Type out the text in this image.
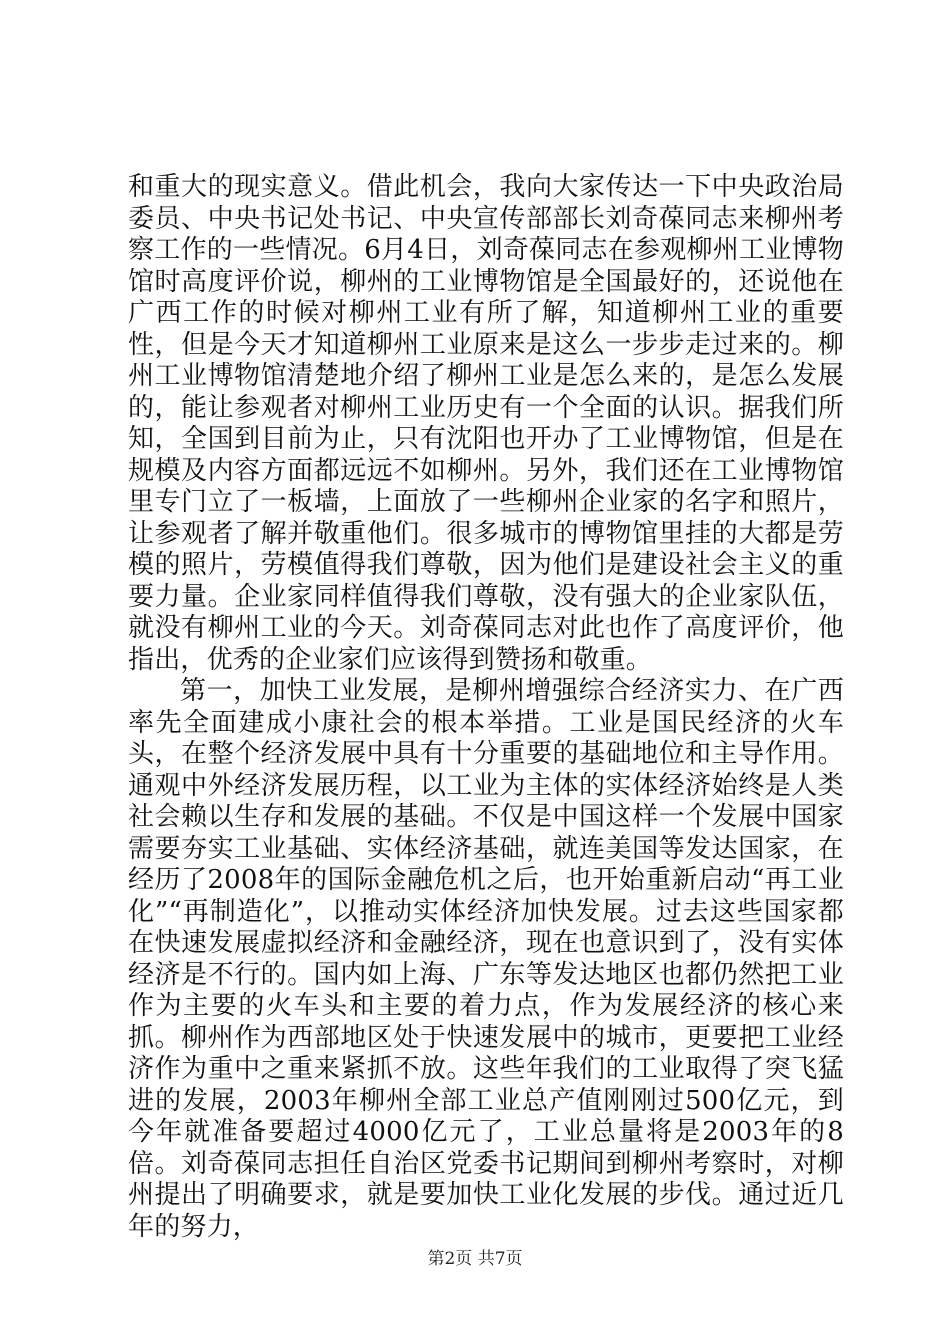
和重大的现实意义。借此机会，我向大家传达一下中央政治局委员、中央书记处书记、中央宣传部部长刘奇葆同志来柳州考察工作的一些情况。6月4日，刘奇葆同志在参观柳州工业博物馆时高度评价说，柳州的工业博物馆是全国最好的，还说他在广西工作的时候对柳州工业有所了解，知道柳州工业的重要性，但是今天才知道柳州工业原来是这么一步步走过来的。柳州工业博物馆清楚地介绍了柳州工业是怎么来的，是怎么发展的，能让参观者对柳州工业历史有一个全面的认识。据我们所知，全国到目前为止，只有沈阳也开办了工业博物馆，但是在规模及内容方面都远远不如柳州。另外，我们还在工业博物馆里专门立了一板墙，上面放了一些柳州企业家的名字和照片，让参观者了解并敬重他们。很多城市的博物馆里挂的大都是劳模的照片，劳模值得我们尊敬，因为他们是建设社会主义的重要力量。企业家同样值得我们尊敬，没有强大的企业家队伍，就没有柳州工业的今天。刘奇葆同志对此也作了高度评价，他指出，优秀的企业家们应该得到赞扬和敬重。

第一，加快工业发展，是柳州增强综合经济实力、在广西率先全面建成小康社会的根本举措。工业是国民经济的火车头，在整个经济发展中具有十分重要的基础地位和主导作用。通观中外经济发展历程，以工业为主体的实体经济始终是人类社会赖以生存和发展的基础。不仅是中国这样一个发展中国家需要夯实工业基础、实体经济基础，就连美国等发达国家，在经历了2008年的国际金融危机之后，也开始重新启动“再工业化”“再制造化”，以推动实体经济加快发展。过去这些国家都在快速发展虚拟经济和金融经济，现在也意识到了，没有实体经济是不行的。国内如上海、广东等发达地区也都仍然把工业作为主要的火车头和主要的着力点，作为发展经济的核心来抓。柳州作为西部地区处于快速发展中的城市，更要把工业经济作为重中之重来紧抓不放。这些年我们的工业取得了突飞猛进的发展，2003年柳州全部工业总产值刚刚过500亿元，到今年就准备要超过4000亿元了，工业总量将是2003年的8倍。刘奇葆同志担任自治区党委书记期间到柳州考察时，对柳州提出了明确要求，就是要加快工业化发展的步伐。通过近几年的努力，

第2页 共7页
